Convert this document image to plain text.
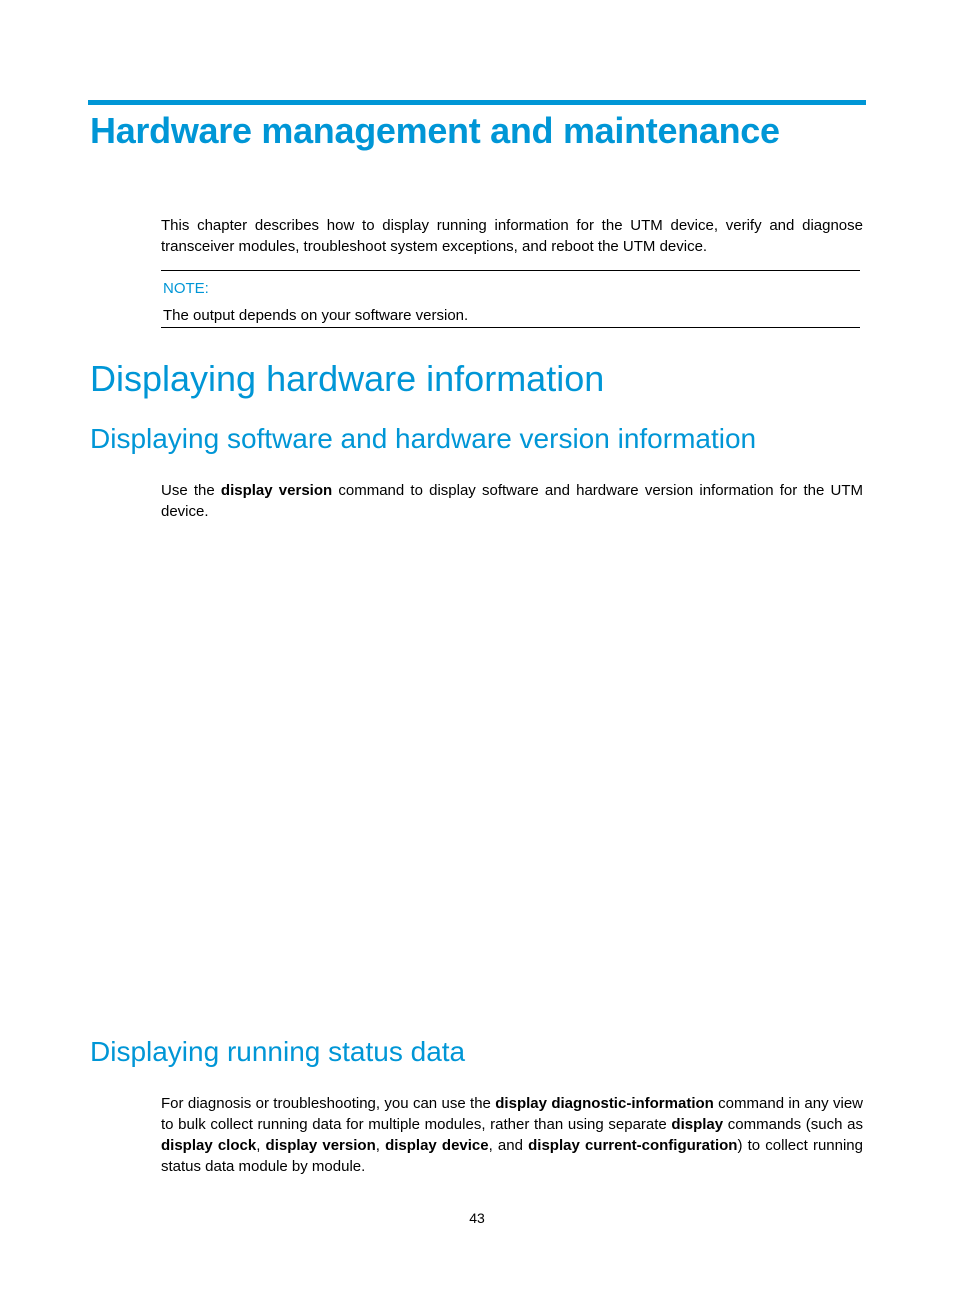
Hardware management and maintenance

This chapter describes how to display running information for the UTM device, verify and diagnose transceiver modules, troubleshoot system exceptions, and reboot the UTM device.

NOTE:

The output depends on your software version.

Displaying hardware information
Displaying software and hardware version information

Use the display version command to display software and hardware version information for the UTM device.

Displaying running status data

For diagnosis or troubleshooting, you can use the display diagnostic-information command in any view to bulk collect running data for multiple modules, rather than using separate display commands (such as display clock, display version, display device, and display current-configuration) to collect running status data module by module.

43
